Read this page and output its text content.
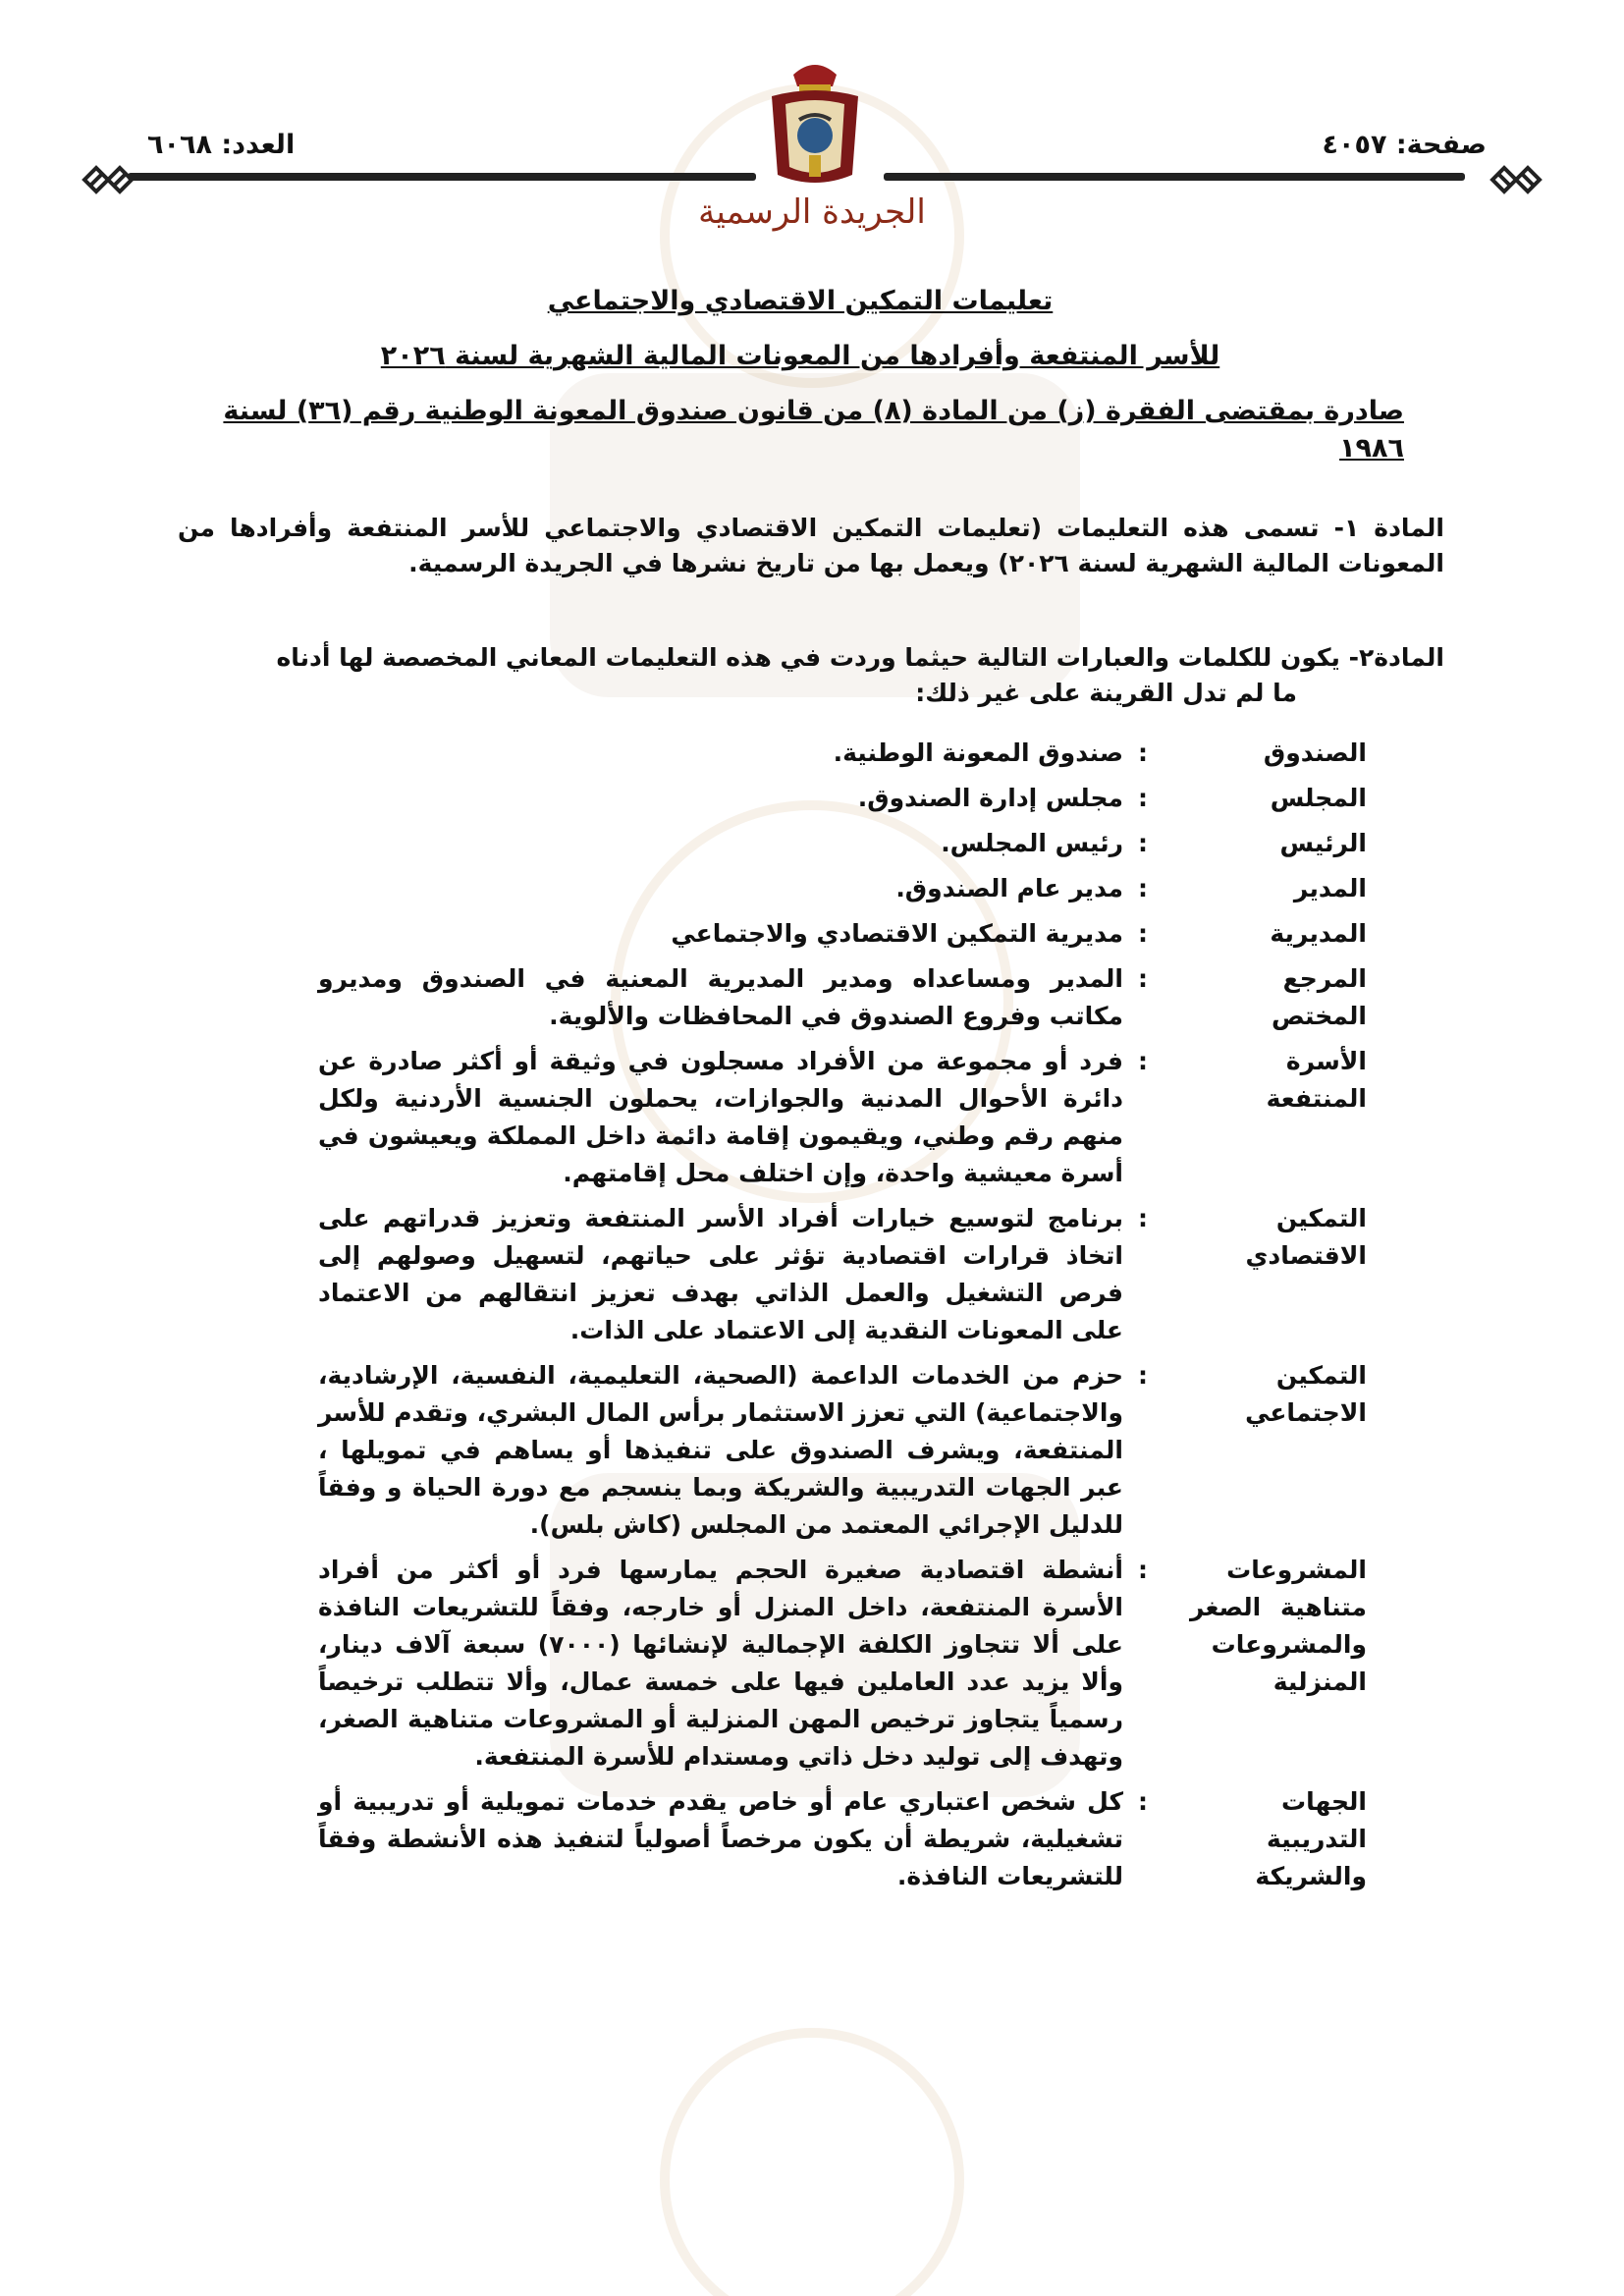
صفحة: ٤٠٥٧
العدد: ٦٠٦٨
الجريدة الرسمية
تعليمات التمكين الاقتصادي والاجتماعي
للأسر المنتفعة وأفرادها من المعونات المالية الشهرية لسنة ٢٠٢٦
صادرة بمقتضى الفقرة (ز) من المادة (٨) من قانون صندوق المعونة الوطنية رقم (٣٦) لسنة ١٩٨٦
المادة ١- تسمى هذه التعليمات (تعليمات التمكين الاقتصادي والاجتماعي للأسر المنتفعة وأفرادها من المعونات المالية الشهرية لسنة ٢٠٢٦) ويعمل بها من تاريخ نشرها في الجريدة الرسمية.
المادة٢- يكون للكلمات والعبارات التالية حيثما وردت في هذه التعليمات المعاني المخصصة لها أدناه
ما لم تدل القرينة على غير ذلك:
الصندوق
:
صندوق المعونة الوطنية.
المجلس
:
مجلس إدارة الصندوق.
الرئيس
:
رئيس المجلس.
المدير
:
مدير عام الصندوق.
المديرية
:
مديرية التمكين الاقتصادي والاجتماعي
المرجع المختص
:
المدير ومساعداه ومدير المديرية المعنية في الصندوق ومديرو مكاتب وفروع الصندوق في المحافظات والألوية.
الأسرة المنتفعة
:
فرد أو مجموعة من الأفراد مسجلون في وثيقة أو أكثر صادرة عن دائرة الأحوال المدنية والجوازات، يحملون الجنسية الأردنية ولكل منهم رقم وطني، ويقيمون إقامة دائمة داخل المملكة ويعيشون في أسرة معيشية واحدة، وإن اختلف محل إقامتهم.
التمكين الاقتصادي
:
برنامج لتوسيع خيارات أفراد الأسر المنتفعة وتعزيز قدراتهم على اتخاذ قرارات اقتصادية تؤثر على حياتهم، لتسهيل وصولهم إلى فرص التشغيل والعمل الذاتي بهدف تعزيز انتقالهم من الاعتماد على المعونات النقدية إلى الاعتماد على الذات.
التمكين الاجتماعي
:
حزم من الخدمات الداعمة (الصحية، التعليمية، النفسية، الإرشادية، والاجتماعية) التي تعزز الاستثمار برأس المال البشري، وتقدم للأسر المنتفعة، ويشرف الصندوق على تنفيذها أو يساهم في تمويلها ، عبر الجهات التدريبية والشريكة وبما ينسجم مع دورة الحياة و وفقاً للدليل الإجرائي المعتمد من المجلس (كاش بلس).
المشروعات متناهية الصغر والمشروعات المنزلية
:
أنشطة اقتصادية صغيرة الحجم يمارسها فرد أو أكثر من أفراد الأسرة المنتفعة، داخل المنزل أو خارجه، وفقاً للتشريعات النافذة على ألا تتجاوز الكلفة الإجمالية لإنشائها (٧٠٠٠) سبعة آلاف دينار، وألا يزيد عدد العاملين فيها على خمسة عمال، وألا تتطلب ترخيصاً رسمياً يتجاوز ترخيص المهن المنزلية أو المشروعات متناهية الصغر، وتهدف إلى توليد دخل ذاتي ومستدام للأسرة المنتفعة.
الجهات التدريبية والشريكة
:
كل شخص اعتباري عام أو خاص يقدم خدمات تمويلية أو تدريبية أو تشغيلية، شريطة أن يكون مرخصاً أصولياً لتنفيذ هذه الأنشطة وفقاً للتشريعات النافذة.
